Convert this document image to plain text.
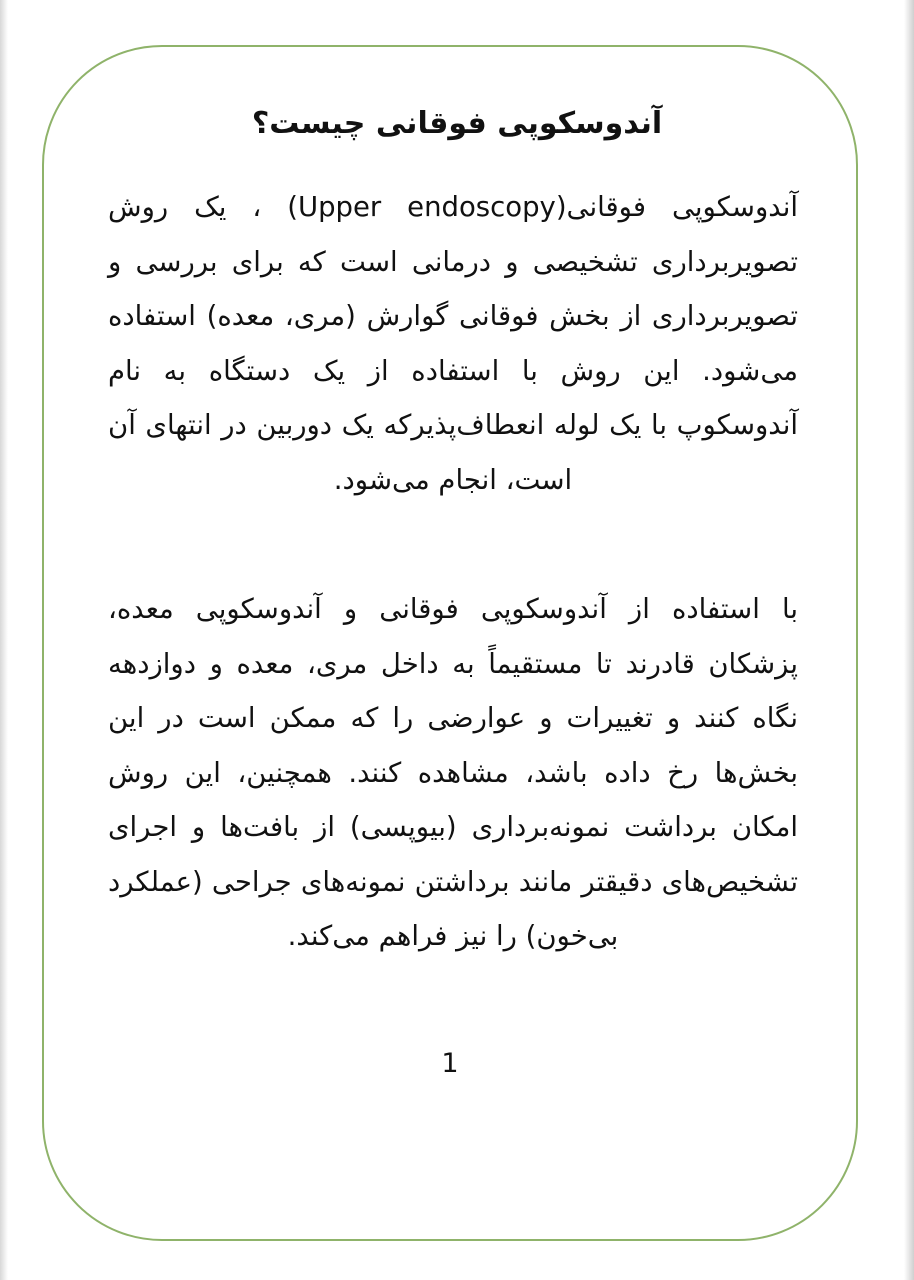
آندوسکوپی فوقانی چیست؟

آندوسکوپی فوقانی(Upper endoscopy) ، یک روش تصویربرداری تشخیصی و درمانی است که برای بررسی و تصویربرداری از بخش فوقانی گوارش (مری، معده) استفاده می‌شود. این روش با استفاده از یک دستگاه به نام آندوسکوپ با یک لوله انعطاف‌پذیرکه یک دوربین در انتهای آن است، انجام می‌شود.

با استفاده از آندوسکوپی فوقانی و آندوسکوپی معده، پزشکان قادرند تا مستقیماً به داخل مری، معده و دوازدهه نگاه کنند و تغییرات و عوارضی را که ممکن است در این بخش‌ها رخ داده باشد، مشاهده کنند. همچنین، این روش امکان برداشت نمونه‌برداری (بیوپسی) از بافت‌ها و اجرای تشخیص‌های دقیقتر مانند برداشتن نمونه‌های جراحی (عملکرد بی‌خون) را نیز فراهم می‌کند.

1
